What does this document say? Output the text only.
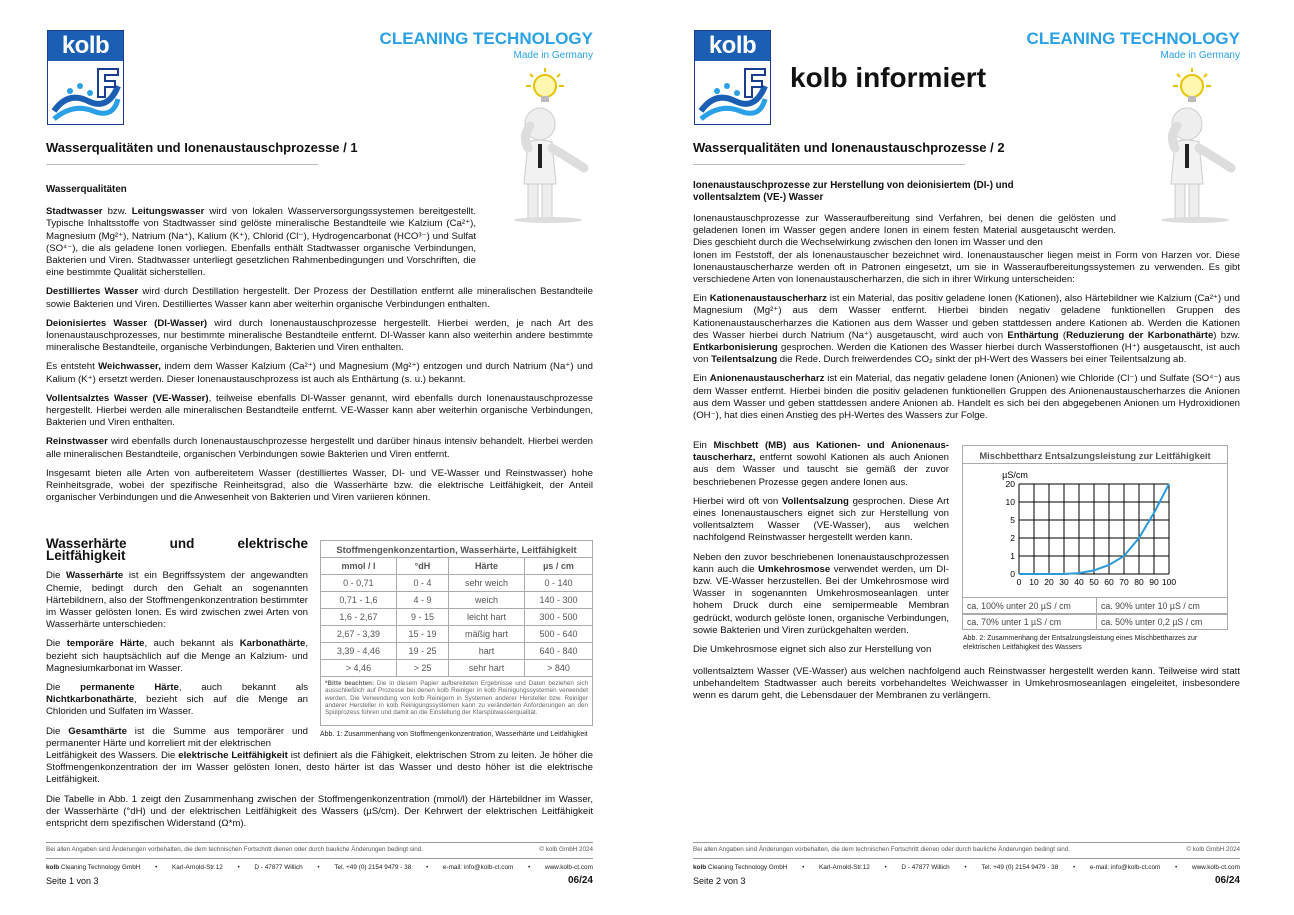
kolb	CLEANING TECHNOLOGY
Made in Germany
Wasserqualitäten und Ionenaustauschprozesse / 1
Wasserqualitäten

Stadtwasser bzw. Leitungswasser wird von lokalen Wasserversorgungssystemen bereitgestellt. Typische Inhaltsstoffe von Stadtwasser sind gelöste mineralische Bestandteile wie Kalzium (Ca²⁺), Magnesium (Mg²⁺), Natrium (Na⁺), Kalium (K⁺), Chlorid (Cl⁻), Hydrogencarbonat (HCO³⁻) und Sulfat (SO⁴⁻), die als geladene Ionen vorliegen. Ebenfalls enthält Stadtwasser organische Verbindungen, Bakterien und Viren. Stadtwasser unterliegt gesetzlichen Rahmenbedingungen und Vorschriften, die eine bestimmte Qualität sicherstellen.

Destilliertes Wasser wird durch Destillation hergestellt. Der Prozess der Destillation entfernt alle mineralischen Bestandteile sowie Bakterien und Viren. Destilliertes Wasser kann aber weiterhin organische Verbindungen enthalten.

Deionisiertes Wasser (DI-Wasser) wird durch Ionenaustauschprozesse hergestellt. Hierbei werden, je nach Art des Ionenaustauschprozesses, nur bestimmte mineralische Bestandteile entfernt. DI-Wasser kann also weiterhin andere bestimmte mineralische Bestandteile, organische Verbindungen, Bakterien und Viren enthalten.

Es entsteht Weichwasser, indem dem Wasser Kalzium (Ca²⁺) und Magnesium (Mg²⁺) entzogen und durch Natrium (Na⁺) und Kalium (K⁺) ersetzt werden. Dieser Ionenaustauschprozess ist auch als Enthärtung (s. u.) bekannt.

Vollentsalztes Wasser (VE-Wasser), teilweise ebenfalls DI-Wasser genannt, wird ebenfalls durch Ionenaustauschprozesse hergestellt. Hierbei werden alle mineralischen Bestandteile entfernt. VE-Wasser kann aber weiterhin organische Verbindungen, Bakterien und Viren enthalten.

Reinstwasser wird ebenfalls durch Ionenaustauschprozesse hergestellt und darüber hinaus intensiv behandelt. Hierbei werden alle mineralischen Bestandteile, organischen Verbindungen sowie Bakterien und Viren entfernt.

Insgesamt bieten alle Arten von aufbereitetem Wasser (destilliertes Wasser, DI- und VE-Wasser und Reinstwasser) hohe Reinheitsgrade, wobei der spezifische Reinheitsgrad, also die Wasserhärte bzw. die elektrische Leitfähigkeit, der Anteil organischer Verbindungen und die Anwesenheit von Bakterien und Viren variieren können.

Wasserhärte und elektrische Leitfähigkeit

Die Wasserhärte ist ein Begriffssystem der angewandten Chemie, bedingt durch den Gehalt an sogenannten Härtebildnern, also der Stoffmengenkonzentration bestimmter im Wasser gelösten Ionen. Es wird zwischen zwei Arten von Wasserhärte unterschieden:

Die temporäre Härte, auch bekannt als Karbonathärte, bezieht sich hauptsächlich auf die Menge an Kalzium- und Magnesiumkarbonat im Wasser.

Die permanente Härte, auch bekannt als Nichtkarbonathärte, bezieht sich auf die Menge an Chloriden und Sulfaten im Wasser.

Die Gesamthärte ist die Summe aus temporärer und permanenter Härte und korreliert mit der elektrischen

Leitfähigkeit des Wassers. Die elektrische Leitfähigkeit ist definiert als die Fähigkeit, elektrischen Strom zu leiten. Je höher die Stoffmengenkonzentration der im Wasser gelösten Ionen, desto härter ist das Wasser und desto höher ist die elektrische Leitfähigkeit.

Die Tabelle in Abb. 1 zeigt den Zusammenhang zwischen der Stoffmengenkonzentration (mmol/l) der Härtebildner im Wasser, der Wasserhärte (°dH) und der elektrischen Leitfähigkeit des Wassers (µS/cm). Der Kehrwert der elektrischen Leitfähigkeit entspricht dem spezifischen Widerstand (Ω*m).

Stoffmengenkonzentartion, Wasserhärte, Leitfähigkeit			
mmol / l	°dH	Härte	µs / cm
0 - 0,71	0 - 4	sehr weich	0 - 140
0,71 - 1,6	4 - 9	weich	140 - 300
1,6 - 2,67	9 - 15	leicht hart	300 - 500
2,67 - 3,39	15 - 19	mäßig hart	500 - 640
3,39 - 4,46	19 - 25	hart	640 - 840
> 4,46	> 25	sehr hart	> 840
*Bitte beachten: Die in diesem Papier aufbereiteten Ergebnisse und Daten beziehen sich ausschließlich auf Prozesse bei denen kolb Reiniger in kolb Reinigungssystemen verwendet werden. Die Verwendung von kolb Reinigern in Systemen anderer Hersteller bzw. Reiniger anderer Hersteller in kolb Reinigungssystemen kann zu veränderten Anforderungen an den Spülprozess führen und damit an die Einstellung der Klarspülwasserqualität.
Abb. 1: Zusammenhang von Stoffmengenkonzentration, Wasserhärte und Leitfähigkeit
Bei allen Angaben sind Änderungen vorbehalten, die dem technischen Fortschritt dienen oder durch bauliche Änderungen bedingt sind.	© kolb GmbH 2024
kolb Cleaning Technology GmbH • Karl-Arnold-Str.12 • D - 47877 Willich • Tel. +49 (0) 2154 9479 - 38 • e-mail: info@kolb-ct.com • www.kolb-ct.com
Seite 1 von 3	06/24
kolb
kolb informiert
CLEANING TECHNOLOGY
Made in Germany
Wasserqualitäten und Ionenaustauschprozesse / 2
Ionenaustauschprozesse zur Herstellung von deionisiertem (DI-) und
vollentsalztem (VE-) Wasser

Ionenaustauschprozesse zur Wasseraufbereitung sind Verfahren, bei denen die gelösten und geladenen Ionen im Wasser gegen andere Ionen in einem festen Material ausgetauscht werden. Dies geschieht durch die Wechselwirkung zwischen den Ionen im Wasser und den

Ionen im Feststoff, der als Ionenaustauscher bezeichnet wird. Ionenaustauscher liegen meist in Form von Harzen vor. Diese Ionenaustauscherharze werden oft in Patronen eingesetzt, um sie in Wasseraufbereitungssystemen zu verwenden. Es gibt verschiedene Arten von Ionenaustauscherharzen, die sich in ihrer Wirkung unterscheiden:

Ein Kationenaustauscherharz ist ein Material, das positiv geladene Ionen (Kationen), also Härtebildner wie Kalzium (Ca²⁺) und Magnesium (Mg²⁺) aus dem Wasser entfernt. Hierbei binden negativ geladene funktionellen Gruppen des Kationenaustauscherharzes die Kationen aus dem Wasser und geben stattdessen andere Kationen ab. Werden die Kationen des Wasser hierbei durch Natrium (Na⁺) ausgetauscht, wird auch von Enthärtung (Reduzierung der Karbonathärte) bzw. Entkarbonisierung gesprochen. Werden die Kationen des Wasser hierbei durch Wasserstoffionen (H⁺) ausgetauscht, ist auch von Teilentsalzung die Rede. Durch freiwerdendes CO₂ sinkt der pH-Wert des Wassers bei einer Teilentsalzung ab.

Ein Anionenaustauscherharz ist ein Material, das negativ geladene Ionen (Anionen) wie Chloride (Cl⁻) und Sulfate (SO⁴⁻) aus dem Wasser entfernt. Hierbei binden die positiv geladenen funktionellen Gruppen des Anionenaustauscherharzes die Anionen aus dem Wasser und geben stattdessen andere Anionen ab. Handelt es sich bei den abgegebenen Anionen um Hydroxidionen (OH⁻), hat dies einen Anstieg des pH-Wertes des Wassers zur Folge.

Ein Mischbett (MB) aus Kationen- und Anionenaus-tauscherharz, entfernt sowohl Kationen als auch Anionen aus dem Wasser und tauscht sie gemäß der zuvor beschriebenen Prozesse gegen andere Ionen aus.

Hierbei wird oft von Vollentsalzung gesprochen. Diese Art eines Ionenaustauschers eignet sich zur Herstellung von vollentsalztem Wasser (VE-Wasser), aus welchen nachfolgend Reinstwasser hergestellt werden kann.

Neben den zuvor beschriebenen Ionenaustauschprozessen kann auch die Umkehrosmose verwendet werden, um DI- bzw. VE-Wasser herzustellen. Bei der Umkehrosmose wird Wasser in sogenannten Umkehrosmoseanlagen unter hohem Druck durch eine semipermeable Membran gedrückt, wodurch gelöste Ionen, organische Verbindungen, sowie Bakterien und Viren zurückgehalten werden.

Die Umkehrosmose eignet sich also zur Herstellung von

vollentsalztem Wasser (VE-Wasser) aus welchen nachfolgend auch Reinstwasser hergestellt werden kann. Teilweise wird statt unbehandeltem Stadtwasser auch bereits vorbehandeltes Weichwasser in Umkehrosmoseanlagen eingeleitet, insbesondere wenn es darum geht, die Lebensdauer der Membranen zu verlängern.

Abb. 2: Zusammenhang der Entsalzungsleistung eines Mischbettharzes zur
elektrischen Leitfähigkeit des Wassers
Bei allen Angaben sind Änderungen vorbehalten, die dem technischen Fortschritt dienen oder durch bauliche Änderungen bedingt sind.	© kolb GmbH 2024
kolb Cleaning Technology GmbH • Karl-Arnold-Str.12 • D - 47877 Willich • Tel. +49 (0) 2154 9479 - 38 • e-mail: info@kolb-ct.com • www.kolb-ct.com
Seite 2 von 3	06/24
Mischbettharz Entsalzungsleistung zur Leitfähigkeit
0 10 20 30 40 50 60 70 80 90 100
0
1
2
5
10
20
µS/cm
ca. 100% unter 20 µS / cm	ca. 90% unter 10 µS / cm
ca. 70% unter 1 µS / cm	ca. 50% unter 0,2 µS / cm
